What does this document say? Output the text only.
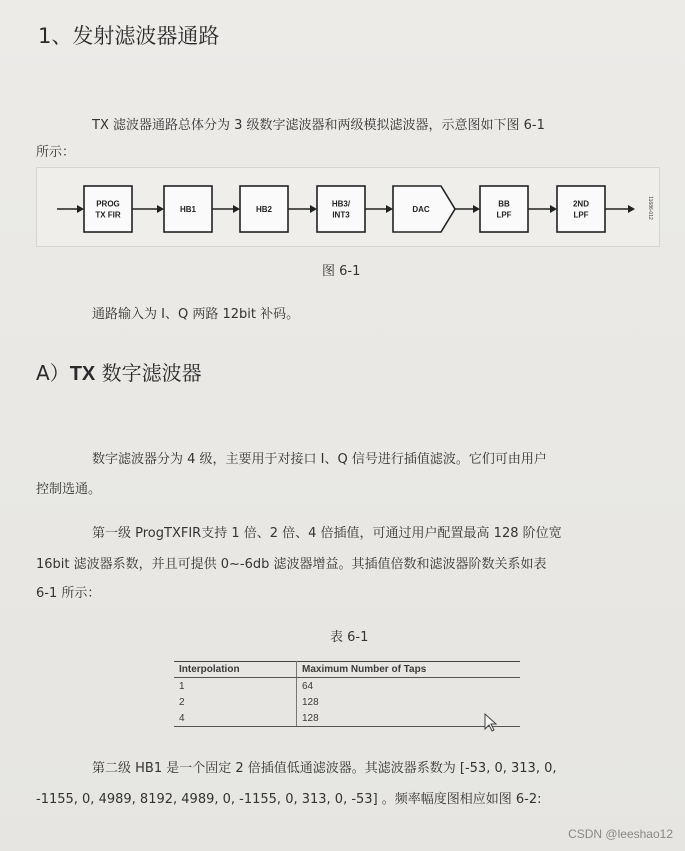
1、发射滤波器通路
TX 滤波器通路总体分为 3 级数字滤波器和两级模拟滤波器，示意图如下图 6-1
所示：
PROG
TX FIR
HB1	HB2
HB3/
INT3
DAC
BB
LPF
2ND
LPF	11686-012
图 6-1
通路输入为 I、Q 两路 12bit 补码。
A）TX 数字滤波器
数字滤波器分为 4 级，主要用于对接口 I、Q 信号进行插值滤波。它们可由用户
控制选通。
第一级 ProgTXFIR支持 1 倍、2 倍、4 倍插值，可通过用户配置最高 128 阶位宽
16bit 滤波器系数，并且可提供 0~-6db 滤波器增益。其插值倍数和滤波器阶数关系如表
6-1 所示：
表 6-1
Interpolation	Maximum Number of Taps
1	64
2	128
4	128
第二级 HB1 是一个固定 2 倍插值低通滤波器。其滤波器系数为 [-53, 0, 313, 0,
-1155, 0, 4989, 8192, 4989, 0, -1155, 0, 313, 0, -53] 。频率幅度图相应如图 6-2:
CSDN @leeshao12
